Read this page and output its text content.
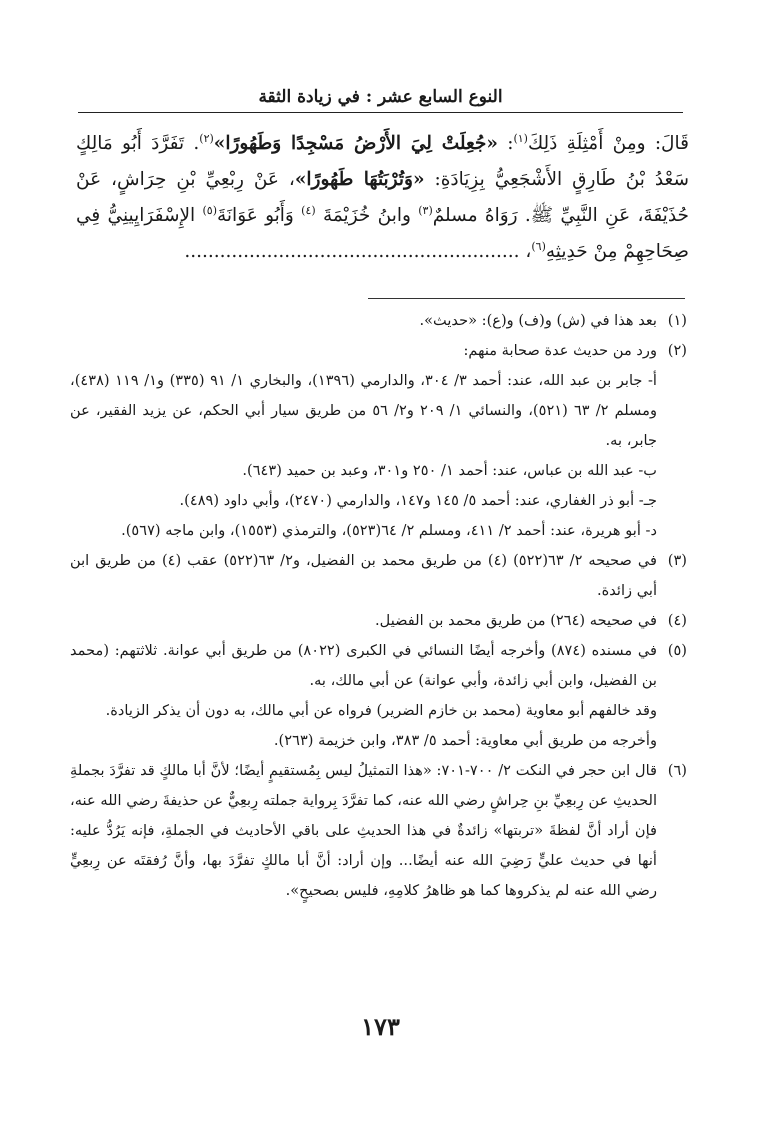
النوع السابع عشر : في زيادة الثقة

قَالَ: ومِنْ أَمْثِلَةِ ذَلِكَ$^{(١)}$: «جُعِلَتْ لِيَ الأَرْضُ مَسْجِدًا وَطَهُورًا»$^{(٢)}$. تَفَرَّدَ أَبُو مَالِكٍ سَعْدُ بْنُ طَارِقٍ الأَشْجَعِيُّ بِزِيَادَةِ: «وَتُرْبَتُهَا طَهُورًا»، عَنْ رِبْعِيِّ بْنِ حِرَاشٍ، عَنْ حُذَيْفَةَ، عَنِ النَّبِيِّ ﷺ. رَوَاهُ مسلمٌ$^{(٣)}$ وابنُ خُزَيْمَةَ $^{(٤)}$ وَأَبُو عَوَانَةَ$^{(٥)}$ الإِسْفَرَايِينِيُّ فِي صِحَاحِهِمْ مِنْ حَدِيثِهِ$^{(٦)}$، .........................................................

(١)

بعد هذا في (ش) و(ف) و(ع): «حديث».

(٢)

ورد من حديث عدة صحابة منهم:

أ- جابر بن عبد الله، عند: أحمد ٣/ ٣٠٤، والدارمي (١٣٩٦)، والبخاري ١/ ٩١ (٣٣٥) و١/ ١١٩ (٤٣٨)، ومسلم ٢/ ٦٣ (٥٢١)، والنسائي ١/ ٢٠٩ و٢/ ٥٦ من طريق سيار أبي الحكم، عن يزيد الفقير، عن جابر، به.

ب- عبد الله بن عباس، عند: أحمد ١/ ٢٥٠ و٣٠١، وعبد بن حميد (٦٤٣).

جـ- أبو ذر الغفاري، عند: أحمد ٥/ ١٤٥ و١٤٧، والدارمي (٢٤٧٠)، وأبي داود (٤٨٩).

د- أبو هريرة، عند: أحمد ٢/ ٤١١، ومسلم ٢/ ٦٤(٥٢٣)، والترمذي (١٥٥٣)، وابن ماجه (٥٦٧).

(٣)

في صحيحه ٢/ ٦٣(٥٢٢) (٤) من طريق محمد بن الفضيل، و٢/ ٦٣(٥٢٢) عقب (٤) من طريق ابن أبي زائدة.

(٤)

في صحيحه (٢٦٤) من طريق محمد بن الفضيل.

(٥)

في مسنده (٨٧٤) وأخرجه أيضًا النسائي في الكبرى (٨٠٢٢) من طريق أبي عوانة. ثلاثتهم: (محمد بن الفضيل، وابن أبي زائدة، وأبي عوانة) عن أبي مالك، به.

وقد خالفهم أبو معاوية (محمد بن خازم الضرير) فرواه عن أبي مالك، به دون أن يذكر الزيادة.

وأخرجه من طريق أبي معاوية: أحمد ٥/ ٣٨٣، وابن خزيمة (٢٦٣).

(٦)

قال ابن حجر في النكت ٢/ ٧٠٠-٧٠١: «هذا التمثيلُ ليس بِمُستقيمٍ أيضًا؛ لأنَّ أبا مالكٍ قد تفرَّدَ بجملةِ الحديثِ عن رِبعِيِّ بنِ حِراشٍ رضي الله عنه، كما تفرَّدَ بِرواية جملته رِبعِيٌّ عن حذيفةَ رضي الله عنه، فإن أراد أنَّ لفظةَ «تربتها» زائدةٌ في هذا الحديثِ على باقي الأحاديث في الجملةِ، فإنه يَرُدُّ عليه: أنها في حديث عليٍّ رَضِيَ الله عنه أيضًا... وإن أراد: أنَّ أبا مالكٍ تفرَّدَ بها، وأنَّ رُفقتَه عن رِبعِيٍّ رضي الله عنه لم يذكروها كما هو ظاهرُ كلامِهِ، فليس بصحيحٍ».

١٧٣
